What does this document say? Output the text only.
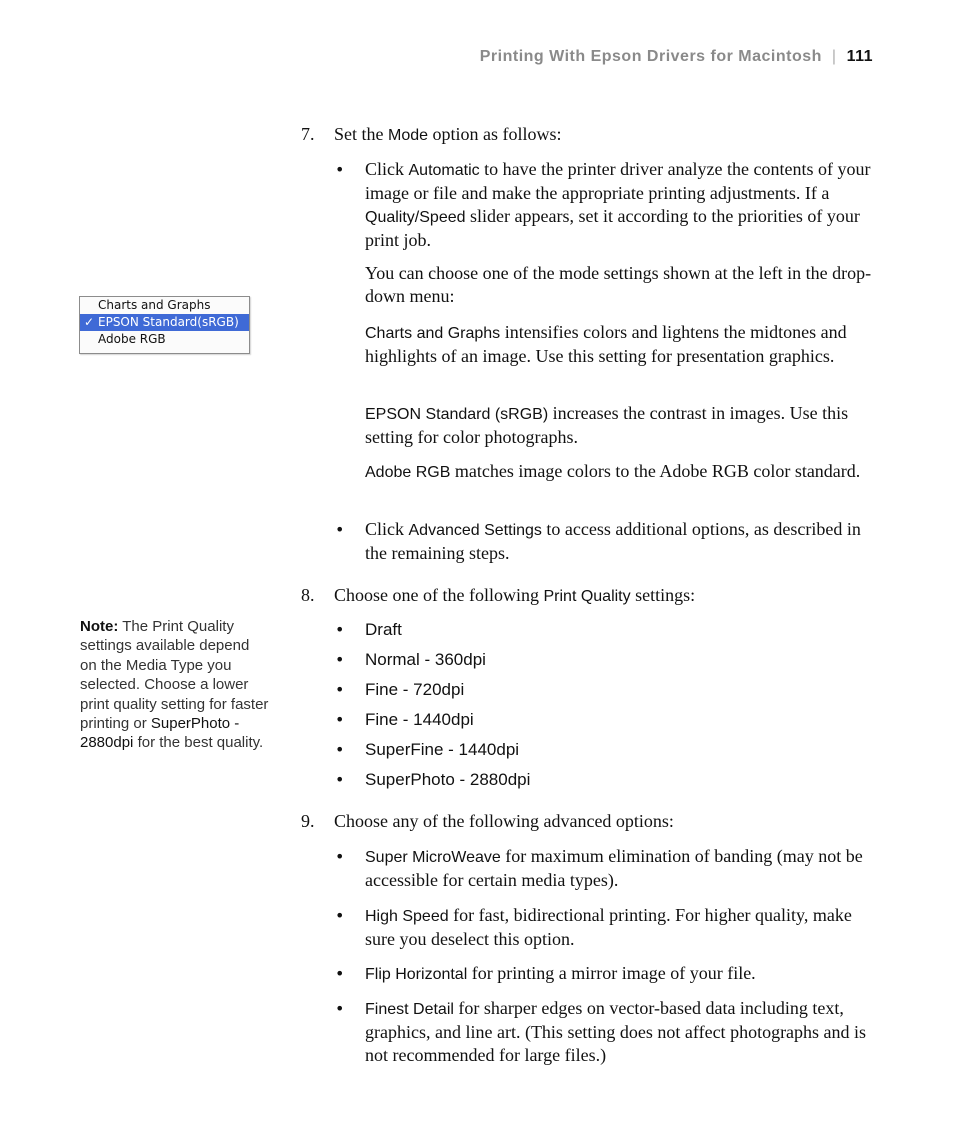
Printing With Epson Drivers for Macintosh | 111
Charts and Graphs
✓ EPSON Standard(sRGB)
Adobe RGB
Note: The Print Quality settings available depend on the Media Type you selected. Choose a lower print quality setting for faster printing or SuperPhoto - 2880dpi for the best quality.
7. Set the Mode option as follows:
• Click Automatic to have the printer driver analyze the contents of your image or file and make the appropriate printing adjustments. If a Quality/Speed slider appears, set it according to the priorities of your print job.
You can choose one of the mode settings shown at the left in the drop-down menu:
Charts and Graphs intensifies colors and lightens the midtones and highlights of an image. Use this setting for presentation graphics.
EPSON Standard (sRGB) increases the contrast in images. Use this setting for color photographs.
Adobe RGB matches image colors to the Adobe RGB color standard.
• Click Advanced Settings to access additional options, as described in the remaining steps.
8. Choose one of the following Print Quality settings:
• Draft
• Normal - 360dpi
• Fine - 720dpi
• Fine - 1440dpi
• SuperFine - 1440dpi
• SuperPhoto - 2880dpi
9. Choose any of the following advanced options:
• Super MicroWeave for maximum elimination of banding (may not be accessible for certain media types).
• High Speed for fast, bidirectional printing. For higher quality, make sure you deselect this option.
• Flip Horizontal for printing a mirror image of your file.
• Finest Detail for sharper edges on vector-based data including text, graphics, and line art. (This setting does not affect photographs and is not recommended for large files.)
